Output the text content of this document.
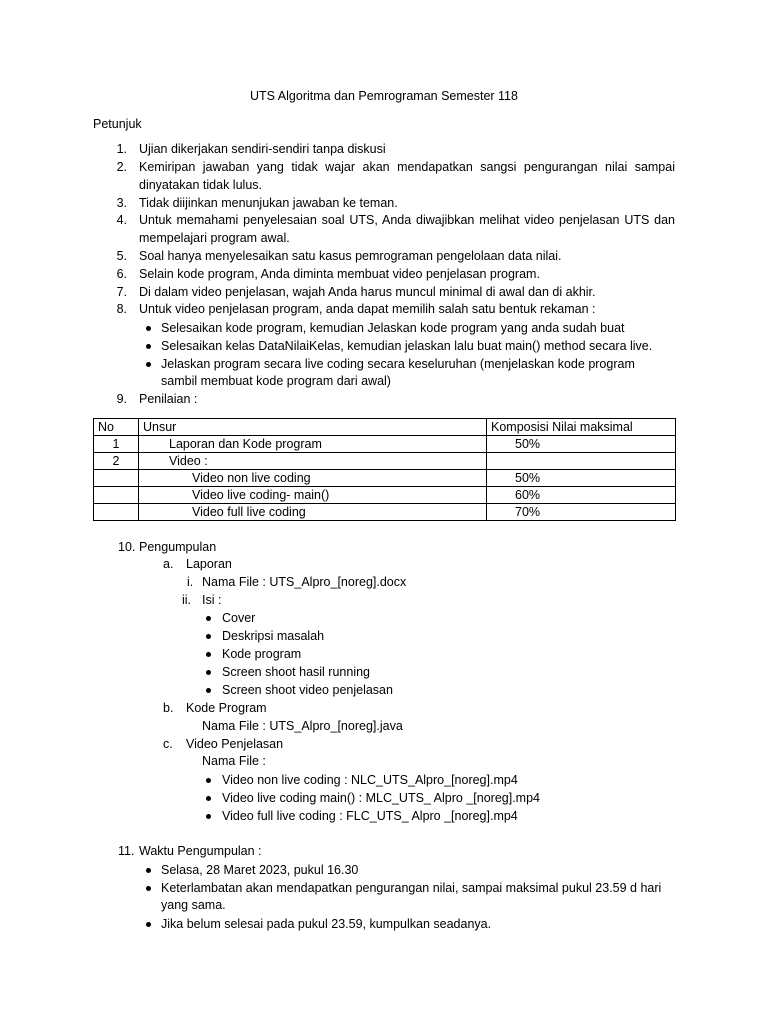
UTS Algoritma dan Pemrograman Semester 118
Petunjuk
1. Ujian dikerjakan sendiri-sendiri tanpa diskusi
2. Kemiripan jawaban yang tidak wajar akan mendapatkan sangsi pengurangan nilai sampai
dinyatakan tidak lulus.
3. Tidak diijinkan menunjukan jawaban ke teman.
4. Untuk memahami penyelesaian soal UTS, Anda diwajibkan melihat video penjelasan UTS dan
mempelajari program awal.
5. Soal hanya menyelesaikan satu kasus pemrograman pengelolaan data nilai.
6. Selain kode program, Anda diminta membuat video penjelasan program.
7. Di dalam video penjelasan, wajah Anda harus muncul minimal di awal dan di akhir.
8. Untuk video penjelasan program, anda dapat memilih salah satu bentuk rekaman :
Selesaikan kode program, kemudian Jelaskan kode program yang anda sudah buat
Selesaikan kelas DataNilaiKelas, kemudian jelaskan lalu buat main() method secara live.
Jelaskan program secara live coding secara keseluruhan (menjelaskan kode program
sambil membuat kode program dari awal)
9. Penilaian :
No	Unsur	Komposisi Nilai maksimal
1	Laporan dan Kode program	50%
2	Video :	
	Video non live coding	50%
	Video live coding- main()	60%
	Video full live coding	70%
10. Pengumpulan
a. Laporan
i. Nama File : UTS_Alpro_[noreg].docx
ii. Isi :
Cover
Deskripsi masalah
Kode program
Screen shoot hasil running
Screen shoot video penjelasan
b. Kode Program
Nama File : UTS_Alpro_[noreg].java
c. Video Penjelasan
Nama File :
Video non live coding : NLC_UTS_Alpro_[noreg].mp4
Video live coding main() : MLC_UTS_ Alpro _[noreg].mp4
Video full live coding : FLC_UTS_ Alpro _[noreg].mp4
11. Waktu Pengumpulan :
Selasa, 28 Maret 2023, pukul 16.30
Keterlambatan akan mendapatkan pengurangan nilai, sampai maksimal pukul 23.59 d hari
yang sama.
Jika belum selesai pada pukul 23.59, kumpulkan seadanya.
